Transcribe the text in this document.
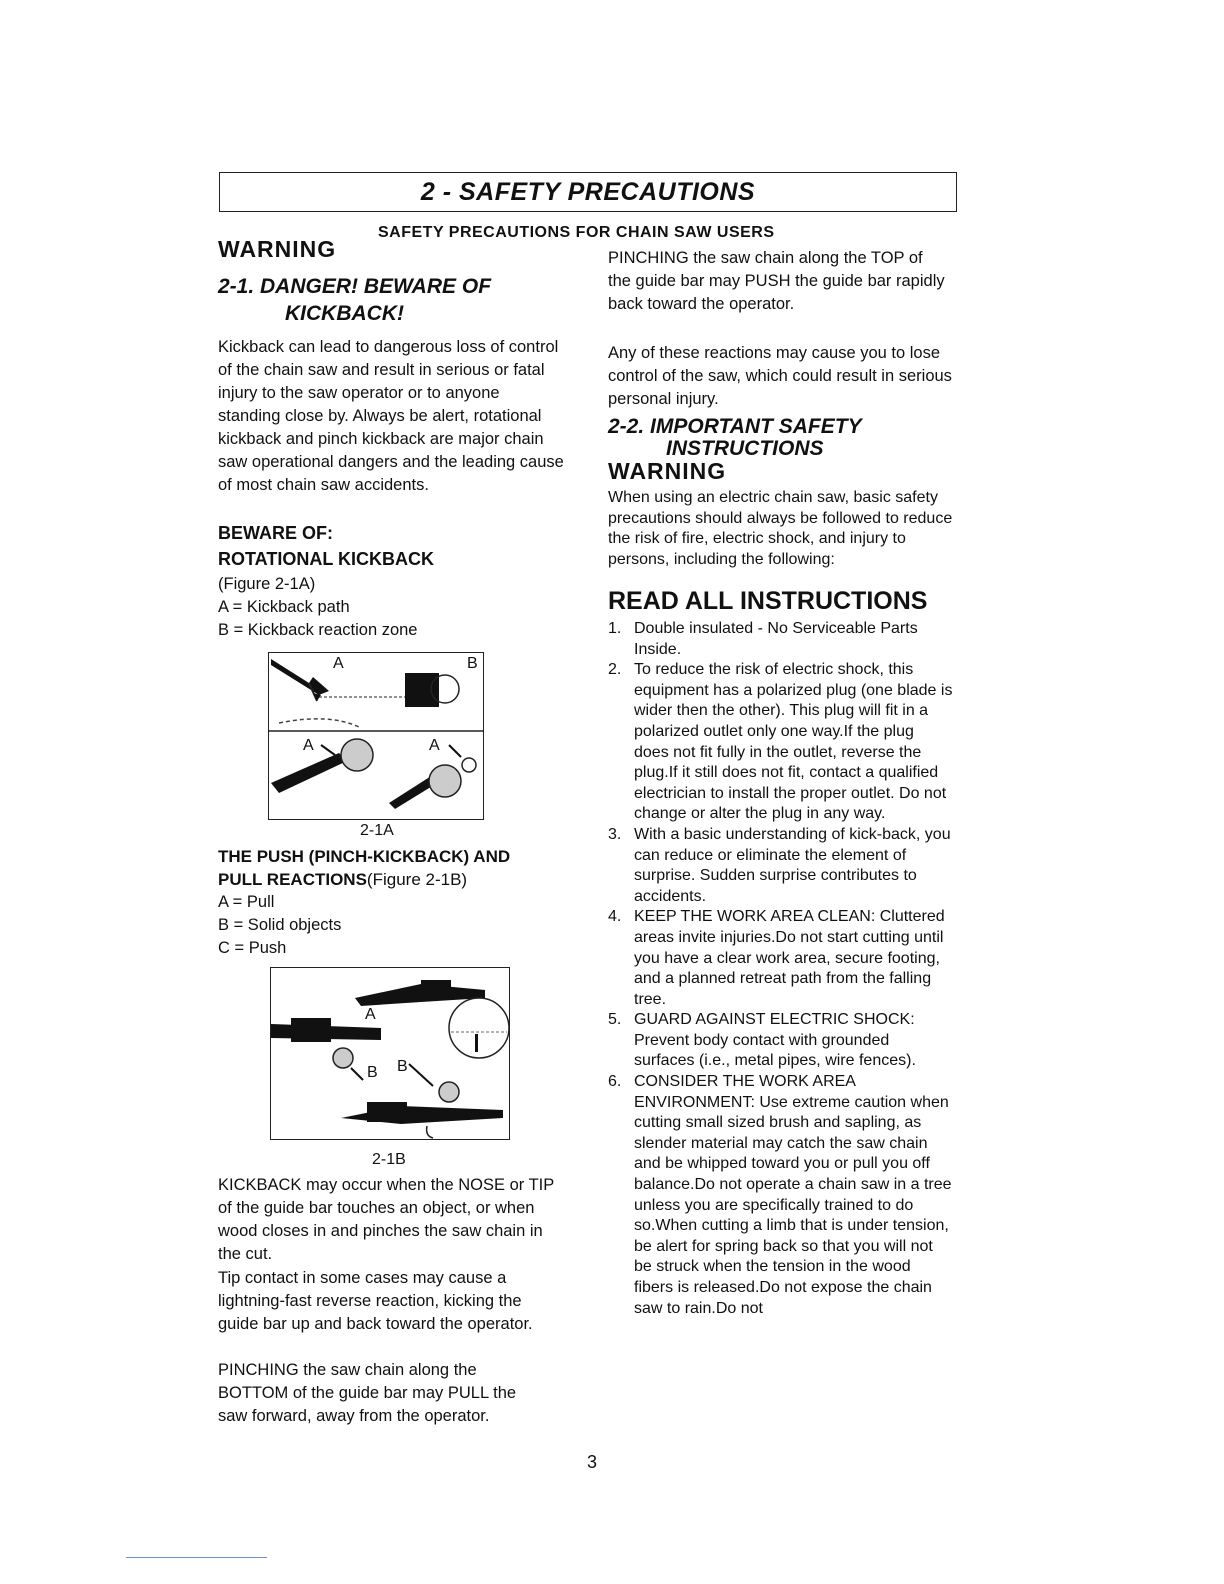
2 - SAFETY PRECAUTIONS
SAFETY PRECAUTIONS FOR CHAIN SAW USERS
WARNING
2-1. DANGER! BEWARE OF
KICKBACK!

Kickback can lead to dangerous loss of control of the chain saw and result in serious or fatal injury to the saw operator or to anyone standing close by. Always be alert, rotational kickback and pinch kickback are major chain saw operational dangers and the leading cause of most chain saw accidents.

BEWARE OF:
ROTATIONAL KICKBACK
(Figure 2-1A)
A = Kickback path
B = Kickback reaction zone
A	B
A	A
2-1A
THE PUSH (PINCH-KICKBACK) AND
PULL REACTIONS(Figure 2-1B)
A = Pull
B = Solid objects
C = Push
A
B B
2-1B

KICKBACK may occur when the NOSE or TIP of the guide bar touches an object, or when wood closes in and pinches the saw chain in the cut.

Tip contact in some cases may cause a lightning-fast reverse reaction, kicking the guide bar up and back toward the operator.

PINCHING the saw chain along the BOTTOM of the guide bar may PULL the saw forward, away from the operator.

PINCHING the saw chain along the TOP of the guide bar may PUSH the guide bar rapidly back toward the operator.

Any of these reactions may cause you to lose control of the saw, which could result in serious personal injury.

2-2. IMPORTANT SAFETY
INSTRUCTIONS
WARNING

When using an electric chain saw, basic safety precautions should always be followed to reduce the risk of fire, electric shock, and injury to persons, including the following:

READ ALL INSTRUCTIONS
1. Double insulated - No Serviceable Parts Inside.
2. To reduce the risk of electric shock, this equipment has a polarized plug (one blade is wider then the other). This plug will fit in a polarized outlet only one way.If the plug does not fit fully in the outlet, reverse the plug.If it still does not fit, contact a qualified electrician to install the proper outlet. Do not change or alter the plug in any way.
3. With a basic understanding of kick-back, you can reduce or eliminate the element of surprise. Sudden surprise contributes to accidents.
4. KEEP THE WORK AREA CLEAN: Cluttered areas invite injuries.Do not start cutting until you have a clear work area, secure footing, and a planned retreat path from the falling tree.
5. GUARD AGAINST ELECTRIC SHOCK: Prevent body contact with grounded surfaces (i.e., metal pipes, wire fences).
6. CONSIDER THE WORK AREA ENVIRONMENT: Use extreme caution when cutting small sized brush and sapling, as slender material may catch the saw chain and be whipped toward you or pull you off balance.Do not operate a chain saw in a tree unless you are specifically trained to do so.When cutting a limb that is under tension, be alert for spring back so that you will not be struck when the tension in the wood fibers is released.Do not expose the chain saw to rain.Do not
3
